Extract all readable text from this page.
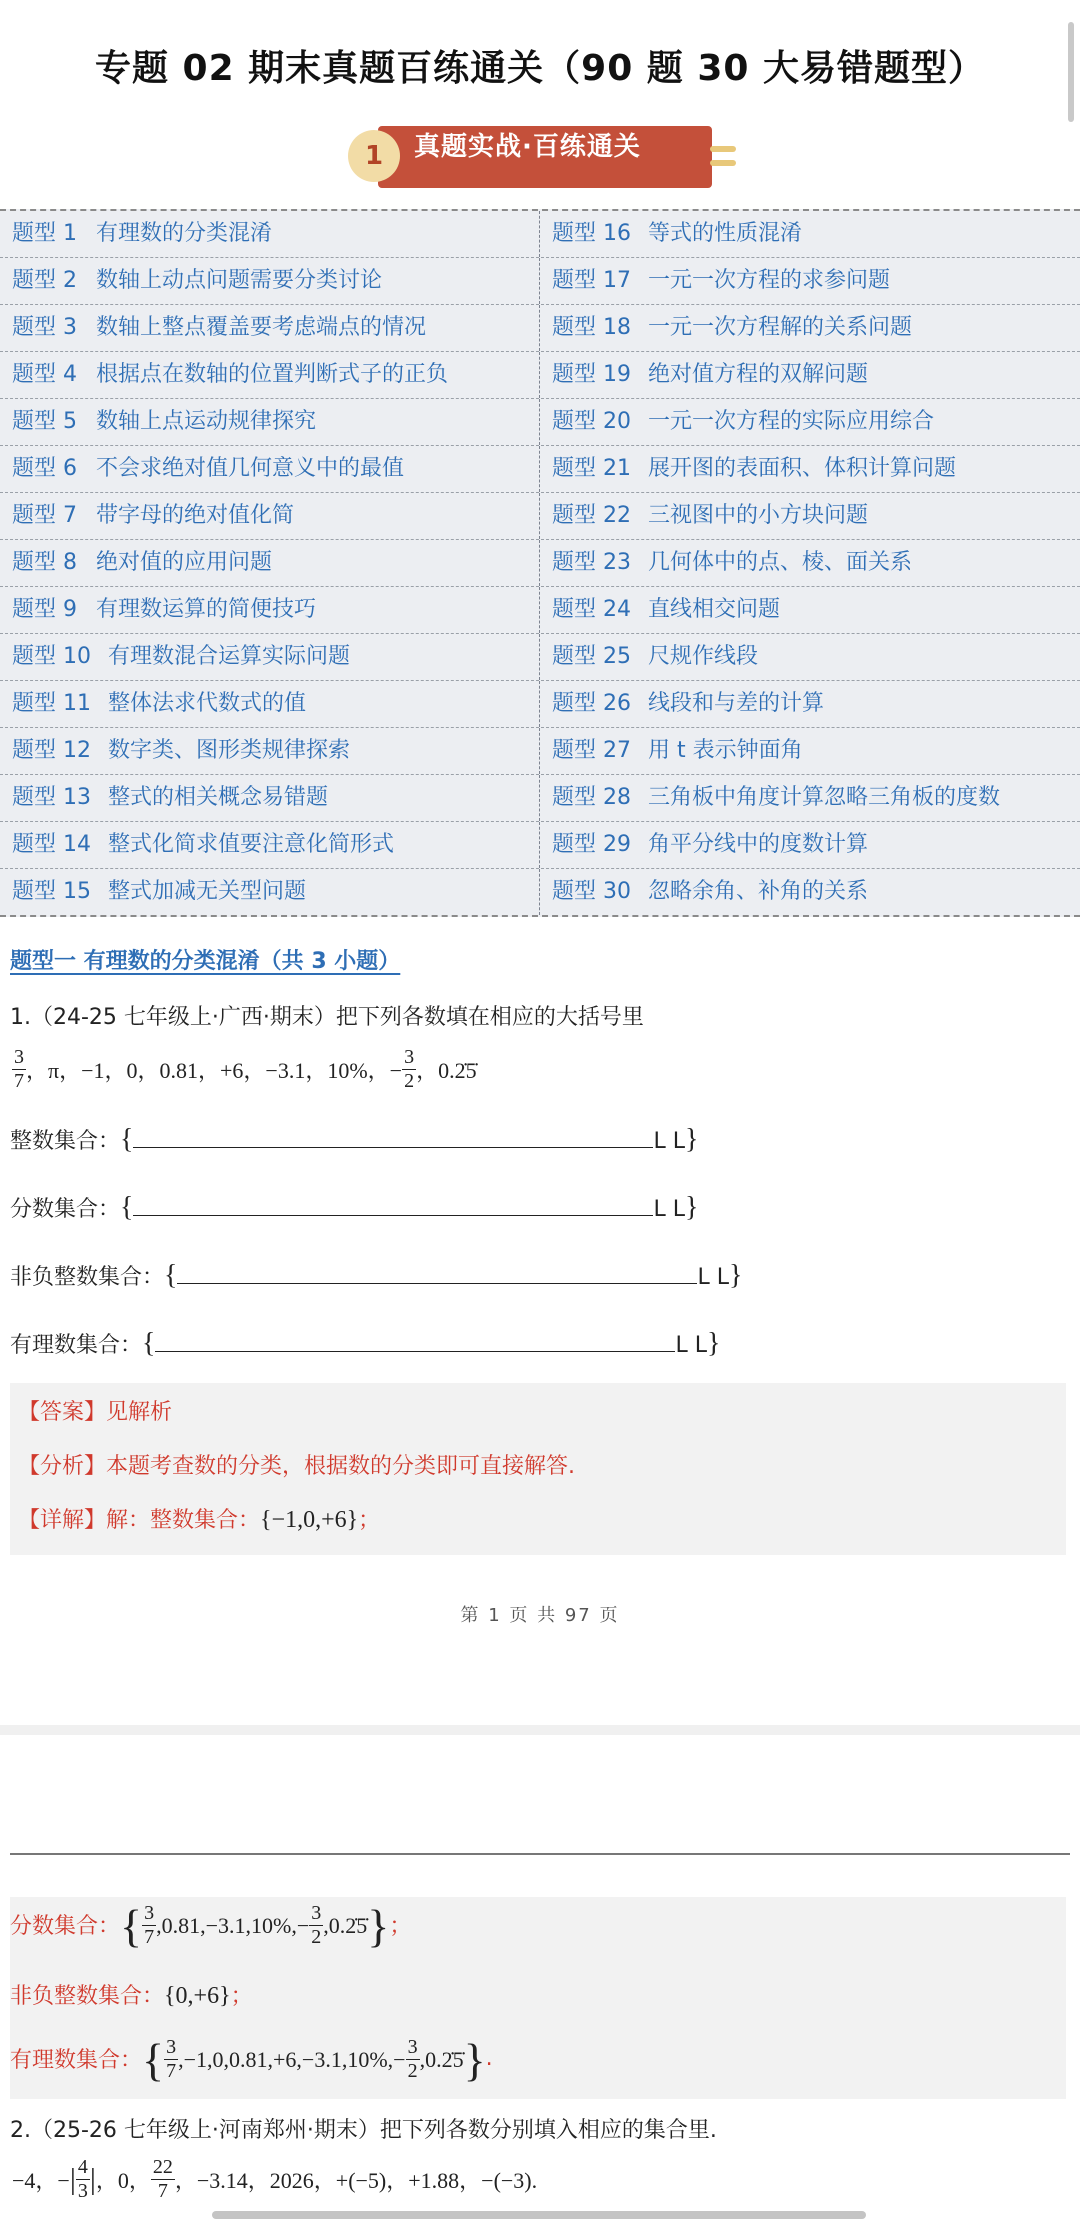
专题 02 期末真题百练通关（90 题 30 大易错题型）
1	真题实战·百练通关
题型 1 有理数的分类混淆	题型 16 等式的性质混淆
题型 2 数轴上动点问题需要分类讨论	题型 17 一元一次方程的求参问题
题型 3 数轴上整点覆盖要考虑端点的情况	题型 18 一元一次方程解的关系问题
题型 4 根据点在数轴的位置判断式子的正负	题型 19 绝对值方程的双解问题
题型 5 数轴上点运动规律探究	题型 20 一元一次方程的实际应用综合
题型 6 不会求绝对值几何意义中的最值	题型 21 展开图的表面积、体积计算问题
题型 7 带字母的绝对值化简	题型 22 三视图中的小方块问题
题型 8 绝对值的应用问题	题型 23 几何体中的点、棱、面关系
题型 9 有理数运算的简便技巧	题型 24 直线相交问题
题型 10 有理数混合运算实际问题	题型 25 尺规作线段
题型 11 整体法求代数式的值	题型 26 线段和与差的计算
题型 12 数字类、图形类规律探索	题型 27 用 t 表示钟面角
题型 13 整式的相关概念易错题	题型 28 三角板中角度计算忽略三角板的度数
题型 14 整式化简求值要注意化简形式	题型 29 角平分线中的度数计算
题型 15 整式加减无关型问题	题型 30 忽略余角、补角的关系
题型一 有理数的分类混淆（共 3 小题）
1.（24-25 七年级上·广西·期末）把下列各数填在相应的大括号里
$\frac{3}{7}$ ，π，−1，0，0.81，+6，−3.1，10%，− $\frac{3}{2}$ ，0.2̇5̇
整数集合：{	L L}
分数集合：{	L L}
非负整数集合：{	L L}
有理数集合：{	L L}
【答案】见解析
【分析】本题考查数的分类，根据数的分类即可直接解答.
【详解】解：整数集合：{−1,0,+6}；
第 1 页 共 97 页
分数集合：{ $\frac{3}{7} ,0.81,-3.1,10\%,- \frac{3}{2}$ ,0.2̇5̇}；
非负整数集合：{0,+6}；
有理数集合：{ $\frac{3}{7} ,-1,0,0.81,+6,-3.1,10\%,- \frac{3}{2}$ ,0.2̇5̇}.
2.（25-26 七年级上·河南郑州·期末）把下列各数分别填入相应的集合里.
−4，−| $\frac{4}{3}$ |，0， $\frac{22}{7}$ ，−3.14，2026，+(−5)，+1.88，−(−3).
